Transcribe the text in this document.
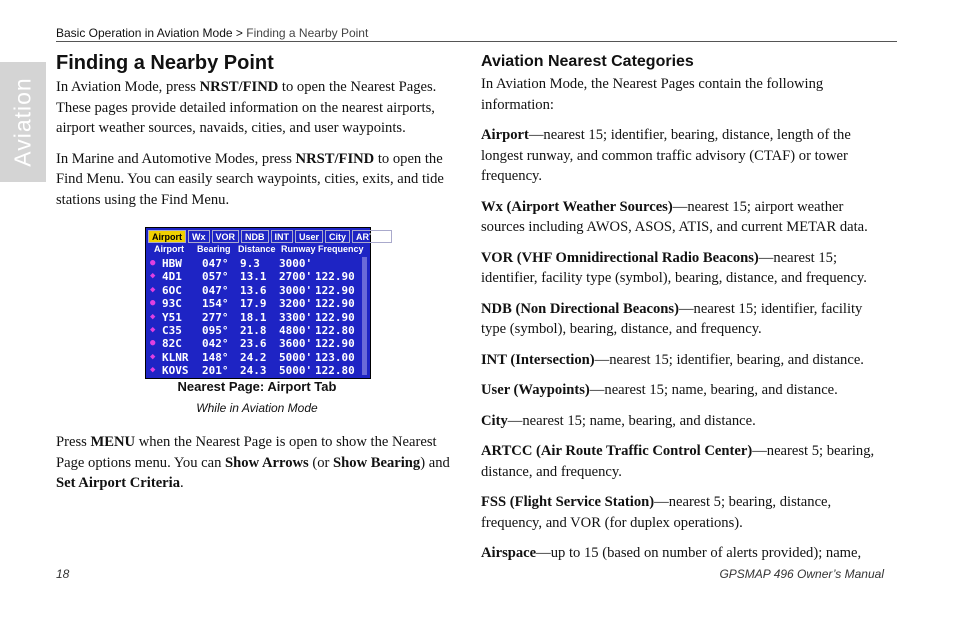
Basic Operation in Aviation Mode > Finding a Nearby Point
Aviation
Finding a Nearby Point

In Aviation Mode, press NRST/FIND to open the Nearest Pages. These pages provide detailed information on the nearest airports, airport weather sources, navaids, cities, and user waypoints.

In Marine and Automotive Modes, press NRST/FIND to open the Find Menu. You can easily search waypoints, cities, exits, and tide stations using the Find Menu.

Airport	Wx	VOR	NDB	INT	User	City	ARTCC
Airport Bearing Distance Runway Frequency
● HBW 047° 9.3 3000'
◆ 4D1 057° 13.1 2700' 122.90
◆ 6OC 047° 13.6 3000' 122.90
● 93C 154° 17.9 3200' 122.90
◆ Y51 277° 18.1 3300' 122.90
◆ C35 095° 21.8 4800' 122.80
● 82C 042° 23.6 3600' 122.90
◆ KLNR 148° 24.2 5000' 123.00
◆ KOVS 201° 24.3 5000' 122.80
Nearest Page: Airport Tab
While in Aviation Mode

Press MENU when the Nearest Page is open to show the Nearest Page options menu. You can Show Arrows (or Show Bearing) and Set Airport Criteria.

Aviation Nearest Categories

In Aviation Mode, the Nearest Pages contain the following information:

Airport—nearest 15; identifier, bearing, distance, length of the longest runway, and common traffic advisory (CTAF) or tower frequency.

Wx (Airport Weather Sources)—nearest 15; airport weather sources including AWOS, ASOS, ATIS, and current METAR data.

VOR (VHF Omnidirectional Radio Beacons)—nearest 15; identifier, facility type (symbol), bearing, distance, and frequency.

NDB (Non Directional Beacons)—nearest 15; identifier, facility type (symbol), bearing, distance, and frequency.

INT (Intersection)—nearest 15; identifier, bearing, and distance.

User (Waypoints)—nearest 15; name, bearing, and distance.

City—nearest 15; name, bearing, and distance.

ARTCC (Air Route Traffic Control Center)—nearest 5; bearing, distance, and frequency.

FSS (Flight Service Station)—nearest 5; bearing, distance, frequency, and VOR (for duplex operations).

Airspace—up to 15 (based on number of alerts provided); name,

18	GPSMAP 496 Owner’s Manual
